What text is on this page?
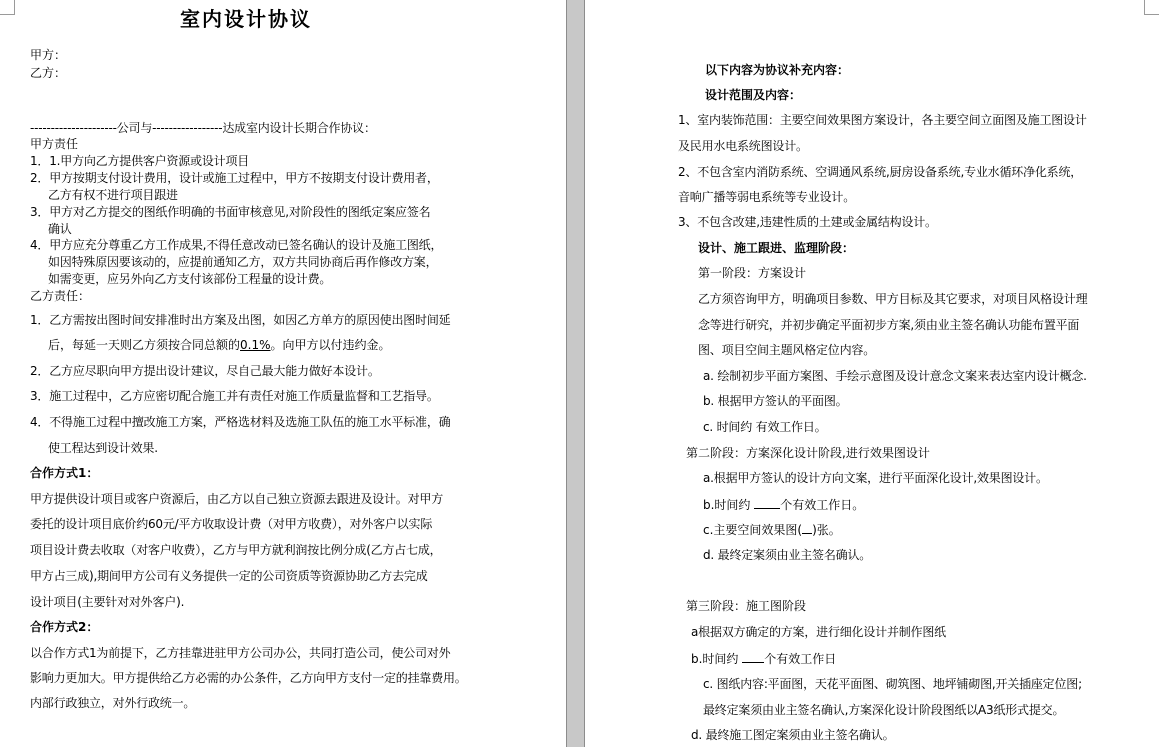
室内设计协议
甲方：
乙方：
---------------------公司与-----------------达成室内设计长期合作协议：
甲方责任
1．1.甲方向乙方提供客户资源或设计项目
2．甲方按期支付设计费用，设计或施工过程中，甲方不按期支付设计费用者，
乙方有权不进行项目跟进
3．甲方对乙方提交的图纸作明确的书面审核意见,对阶段性的图纸定案应签名
确认
4．甲方应充分尊重乙方工作成果,不得任意改动已签名确认的设计及施工图纸，
如因特殊原因要该动的，应提前通知乙方，双方共同协商后再作修改方案，
如需变更，应另外向乙方支付该部份工程量的设计费。
乙方责任：
1．乙方需按出图时间安排准时出方案及出图，如因乙方单方的原因使出图时间延
后，每延一天则乙方须按合同总额的0.1%。向甲方以付违约金。
2．乙方应尽职向甲方提出设计建议，尽自己最大能力做好本设计。
3．施工过程中，乙方应密切配合施工并有责任对施工作质量监督和工艺指导。
4．不得施工过程中擅改施工方案，严格选材料及选施工队伍的施工水平标准，确
使工程达到设计效果.
合作方式1：
甲方提供设计项目或客户资源后，由乙方以自己独立资源去跟进及设计。对甲方
委托的设计项目底价约60元/平方收取设计费（对甲方收费），对外客户以实际
项目设计费去收取（对客户收费），乙方与甲方就利润按比例分成(乙方占七成，
甲方占三成),期间甲方公司有义务提供一定的公司资质等资源协助乙方去完成
设计项目(主要针对对外客户).
合作方式2：
以合作方式1为前提下，乙方挂靠进驻甲方公司办公，共同打造公司，使公司对外
影响力更加大。甲方提供给乙方必需的办公条件，乙方向甲方支付一定的挂靠费用。
内部行政独立，对外行政统一。
以下内容为协议补充内容：
设计范围及内容：
1、室内装饰范围：主要空间效果图方案设计，各主要空间立面图及施工图设计
及民用水电系统图设计。
2、不包含室内消防系统、空调通风系统,厨房设备系统,专业水循环净化系统，
音响广播等弱电系统等专业设计。
3、不包含改建,违建性质的土建或金属结构设计。
设计、施工跟进、监理阶段：
第一阶段：方案设计
乙方须咨询甲方，明确项目参数、甲方目标及其它要求，对项目风格设计理
念等进行研究，并初步确定平面初步方案,须由业主签名确认功能布置平面
图、项目空间主题风格定位内容。
a. 绘制初步平面方案图、手绘示意图及设计意念文案来表达室内设计概念.
b. 根据甲方签认的平面图。
c. 时间约 有效工作日。
第二阶段：方案深化设计阶段,进行效果图设计
a.根据甲方签认的设计方向文案，进行平面深化设计,效果图设计。
b.时间约 个有效工作日。
c.主要空间效果图( )张。
d. 最终定案须由业主签名确认。
第三阶段：施工图阶段
a根据双方确定的方案，进行细化设计并制作图纸
b.时间约 个有效工作日
c. 图纸内容:平面图，天花平面图、砌筑图、地坪铺砌图,开关插座定位图;
最终定案须由业主签名确认,方案深化设计阶段图纸以A3纸形式提交。
d. 最终施工图定案须由业主签名确认。
